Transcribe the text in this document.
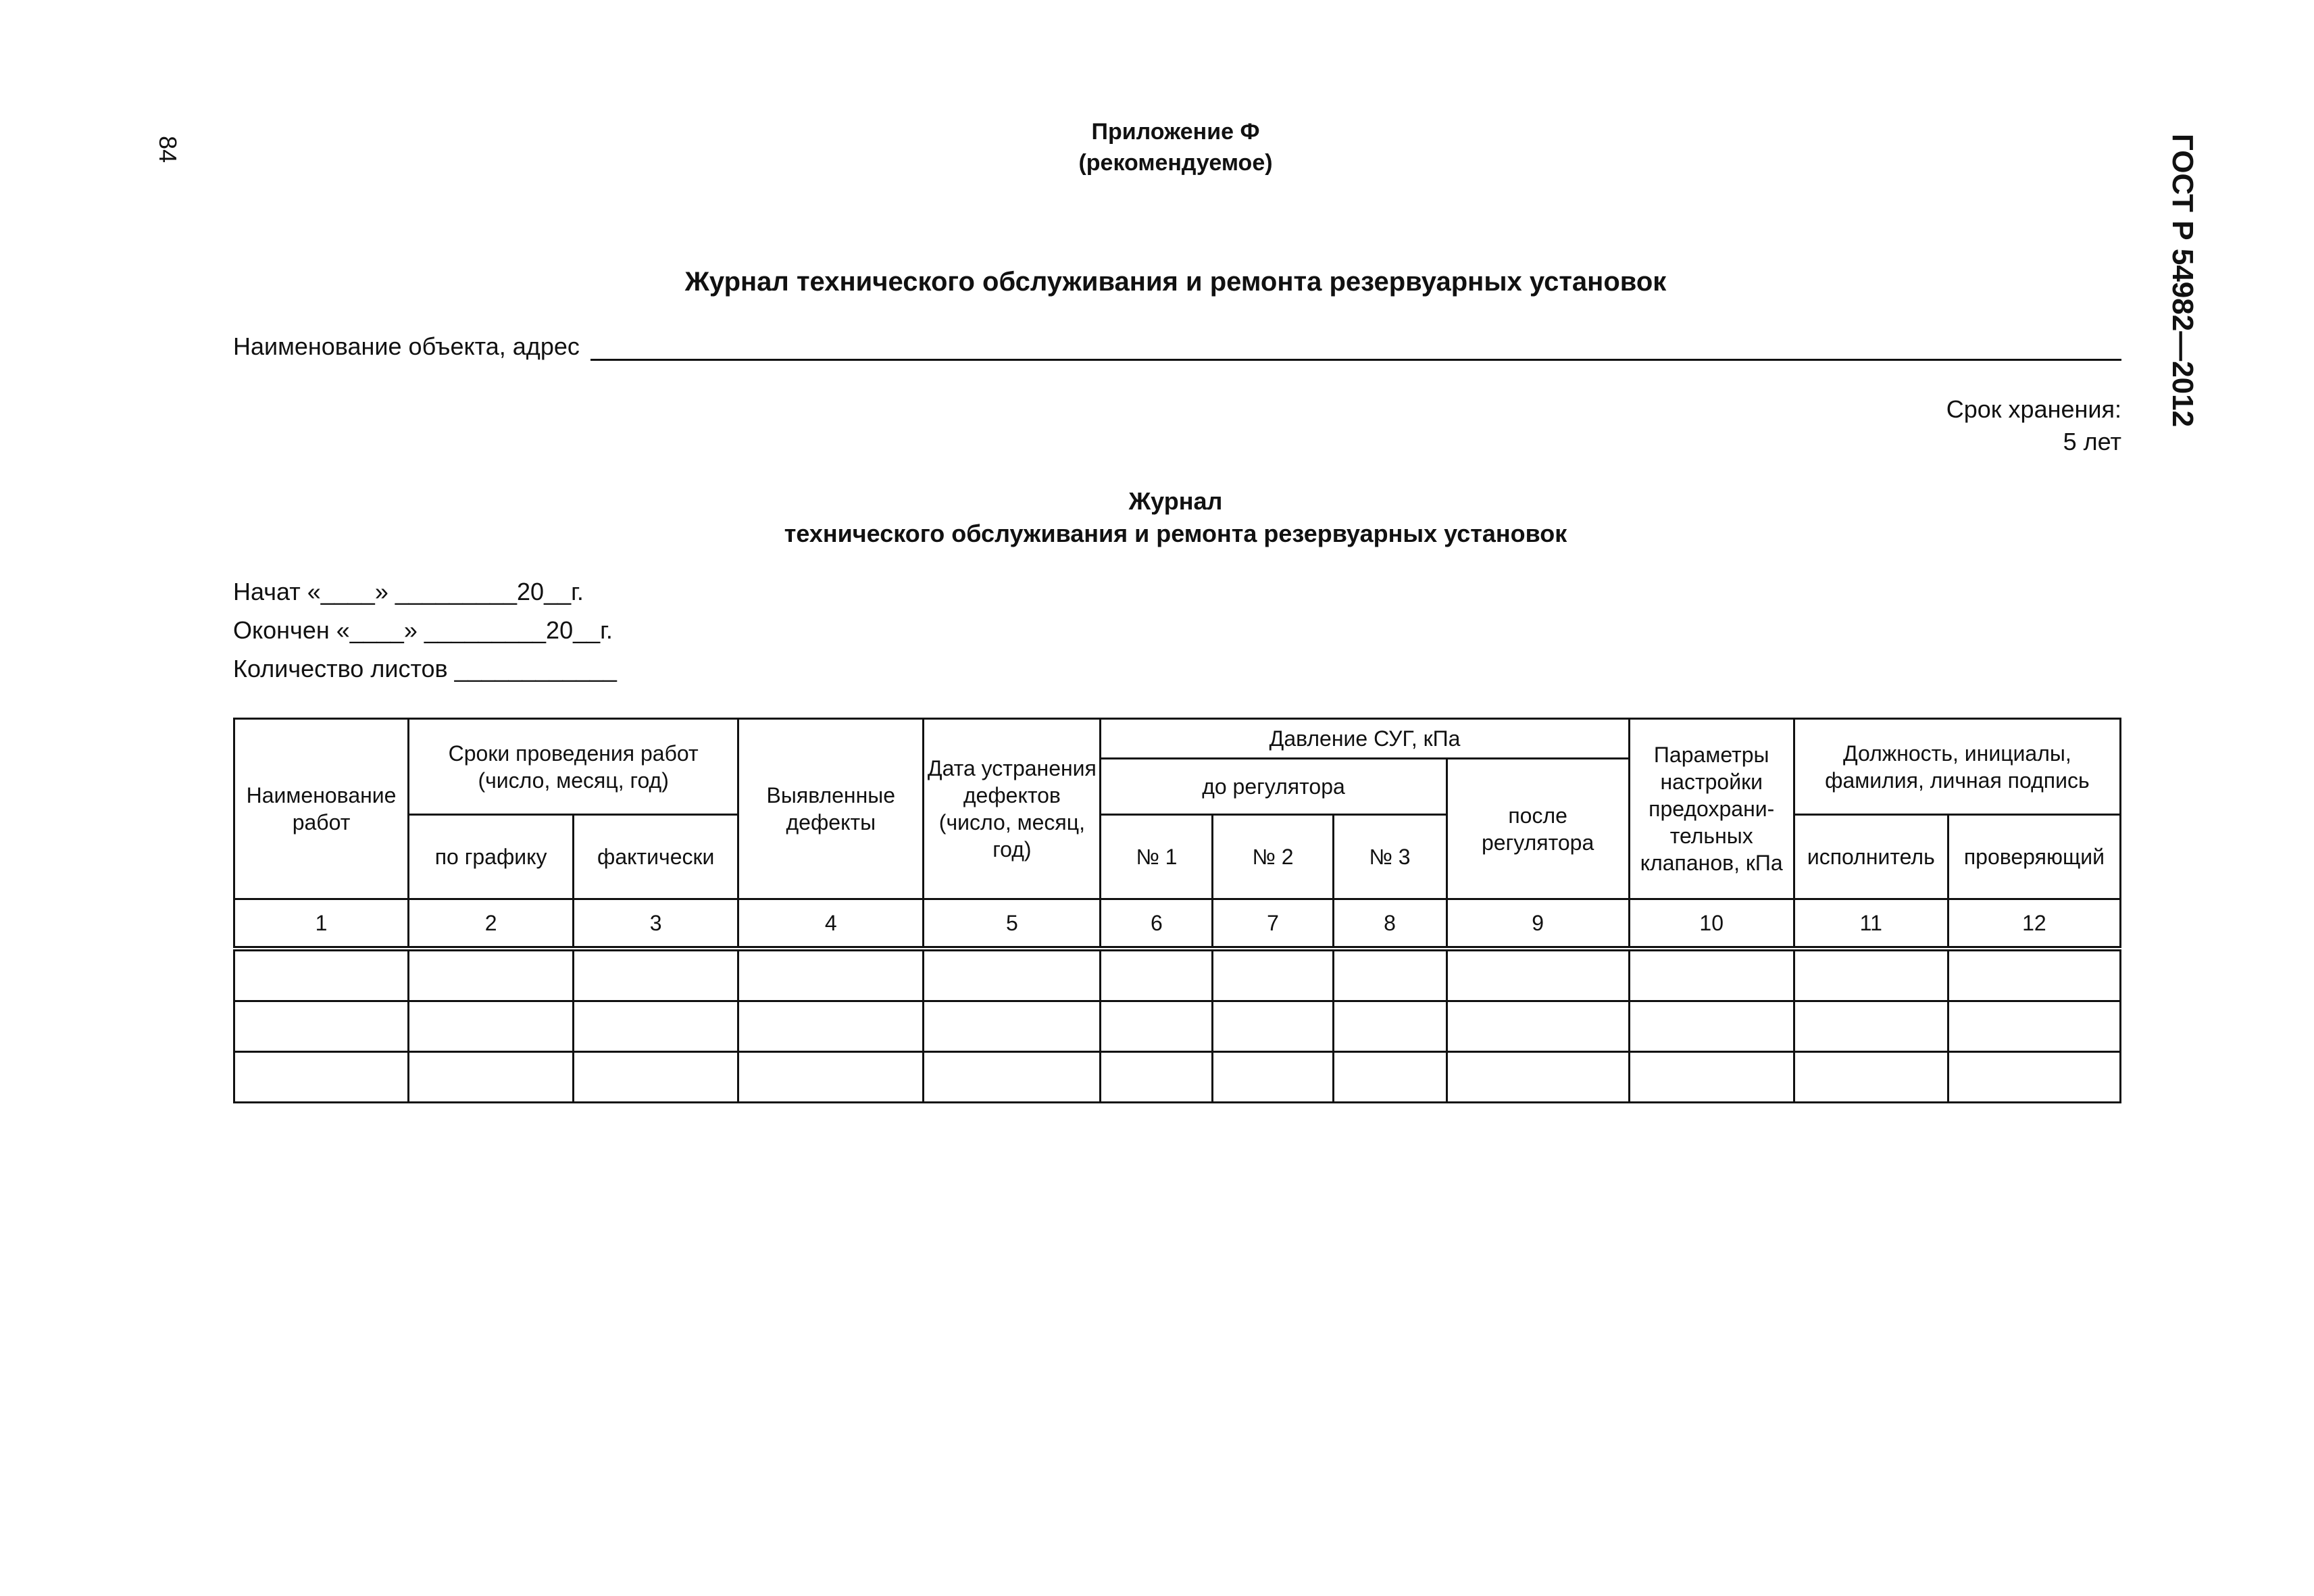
84	ГОСТ Р 54982—2012
Приложение Ф
(рекомендуемое)
Журнал технического обслуживания и ремонта резервуарных установок
Наименование объекта, адрес
Срок хранения:
5 лет
Журнал
технического обслуживания и ремонта резервуарных установок
Начат «____» _________20__г.
Окончен «____» _________20__г.
Количество листов ____________
Наименование работ	Сроки проведения работ (число, месяц, год)		Выявленные дефекты	Дата устранения дефектов (число, месяц, год)	Давление СУГ, кПа				Параметры настройки предохрани-тельных клапанов, кПа	Должность, инициалы, фамилия, личная подпись	
					до регулятора			после регулятора			
	по графику	фактически			№ 1	№ 2	№ 3			исполнитель	проверяющий
1	2	3	4	5	6	7	8	9	10	11	12
